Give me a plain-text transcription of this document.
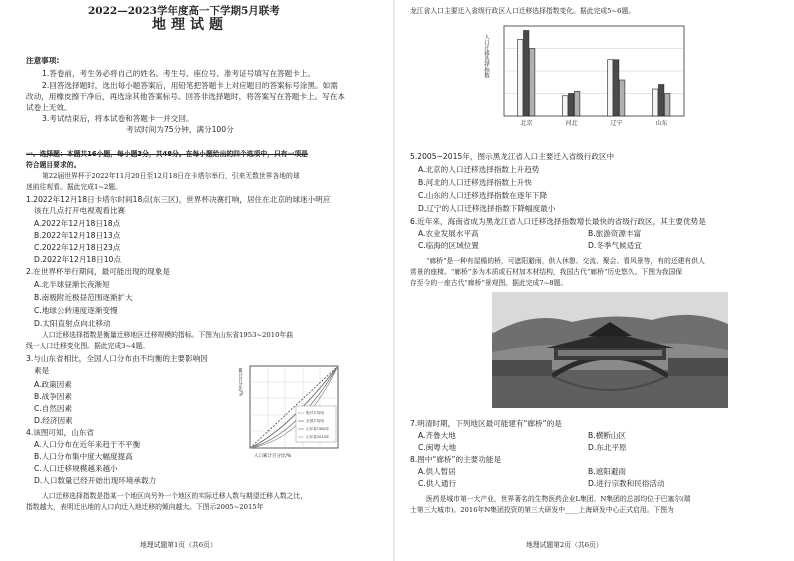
2022—2023学年度高一下学期5月联考
地理试题
注意事项:
1.答卷前，考生务必将自己的姓名、考生号、座位号、准考证号填写在答题卡上。
2.回答选择题时，选出每小题答案后，用铅笔把答题卡上对应题目的答案标号涂黑。如需
改动，用橡皮擦干净后，再选涂其他答案标号。回答非选择题时，将答案写在答题卡上。写在本
试卷上无效。
3.考试结束后，将本试卷和答题卡一并交回。
考试时间为75分钟，满分100分
一、选择题：本题共16小题，每小题3分，共48分。在每小题给出的四个选项中，只有一项是
符合题目要求的。
第22届世界杯于2022年11月20日至12月18日在卡塔尔举行，引来无数世界各地的球
迷前往观看。据此完成1~2题。
1.2022年12月18日卡塔尔时间18点(东三区)，世界杯决赛打响，居住在北京的球迷小明应
该在几点打开电视观看比赛
A.2022年12月18日18点
B.2022年12月18日13点
C.2022年12月18日23点
D.2022年12月18日10点
2.在世界杯举行期间，最可能出现的现象是
A.北半球昼渐长夜渐短
B.南极附近极昼范围逐渐扩大
C.地球公转速度逐渐变慢
D.太阳直射点向北移动
人口迁移选择指数是衡量迁移地区迁移规模的指标。下图为山东省1953~2010年曲
线一人口迁移变化图。据此完成3~4题。
3.与山东省相比，全国人口分布由不均衡的主要影响因
素是
A.政策因素
B.战争因素
C.自然因素
D.经济因素
4.该图可知，山东省
A.人口分布在近年来趋于不平衡
B.人口分布集中度大幅度提高
C.人口迁移规模越来越小
D.人口数量已经开始出现环境承载力
人口迁移选择指数是指某一个地区向另外一个地区的实际迁移人数与期望迁移人数之比，
指数越大，表明迁出地的人口向迁入地迁移的倾向越大。下图示2005~2015年
绝对平均线
全国平均线
山东省1982年
山东省2010年
累计百分比/%
人口累计百分比/%
地理试题第1页（共6页）
龙江省人口主要迁入省级行政区人口迁移选择指数变化。据此完成5~6题。
北京	河北	辽宁	山东
人口迁移选择指数
5.2005~2015年，图示黑龙江省人口主要迁入省级行政区中
A.北京的人口迁移选择指数上升趋势
B.河北的人口迁移选择指数上升快
C.山东的人口迁移选择指数在逐年下降
D.辽宁的人口迁移选择指数下降幅度最小
6.近年来，海南省成为黑龙江省人口迁移选择指数增长最快的省级行政区，其主要优势是
A.农业发展水平高	B.旅游资源丰富
C.临海的区域位置	D.冬季气候适宜
“廊桥”是一种有屋檐的桥，可遮阳避雨，供人休憩、交流、聚会、看风景等，有的还建有供人
赏景的座椅。“廊桥”多为木质或石材加木材结构，我国古代“廊桥”历史悠久。下图为我国保
存至今的一座古代“廊桥”景观图。据此完成7~8题。
7.明清时期，下列地区最可能建有“廊桥”的是
A.齐鲁大地	B.横断山区
C.闽粤大地	D.东北平原
8.图中“廊桥”的主要功能是
A.供人暂居	B.遮阳避雨
C.供人通行	D.进行宗教和民俗活动
医药是城市第一大产业，世界著名的生物医药企业L集团、N集团的总部均位于巴塞尔(瑞
士第三大城市)。2016年N集团投资的第三大研发中____上海研发中心正式启用。下图为
地理试题第2页（共6页）
